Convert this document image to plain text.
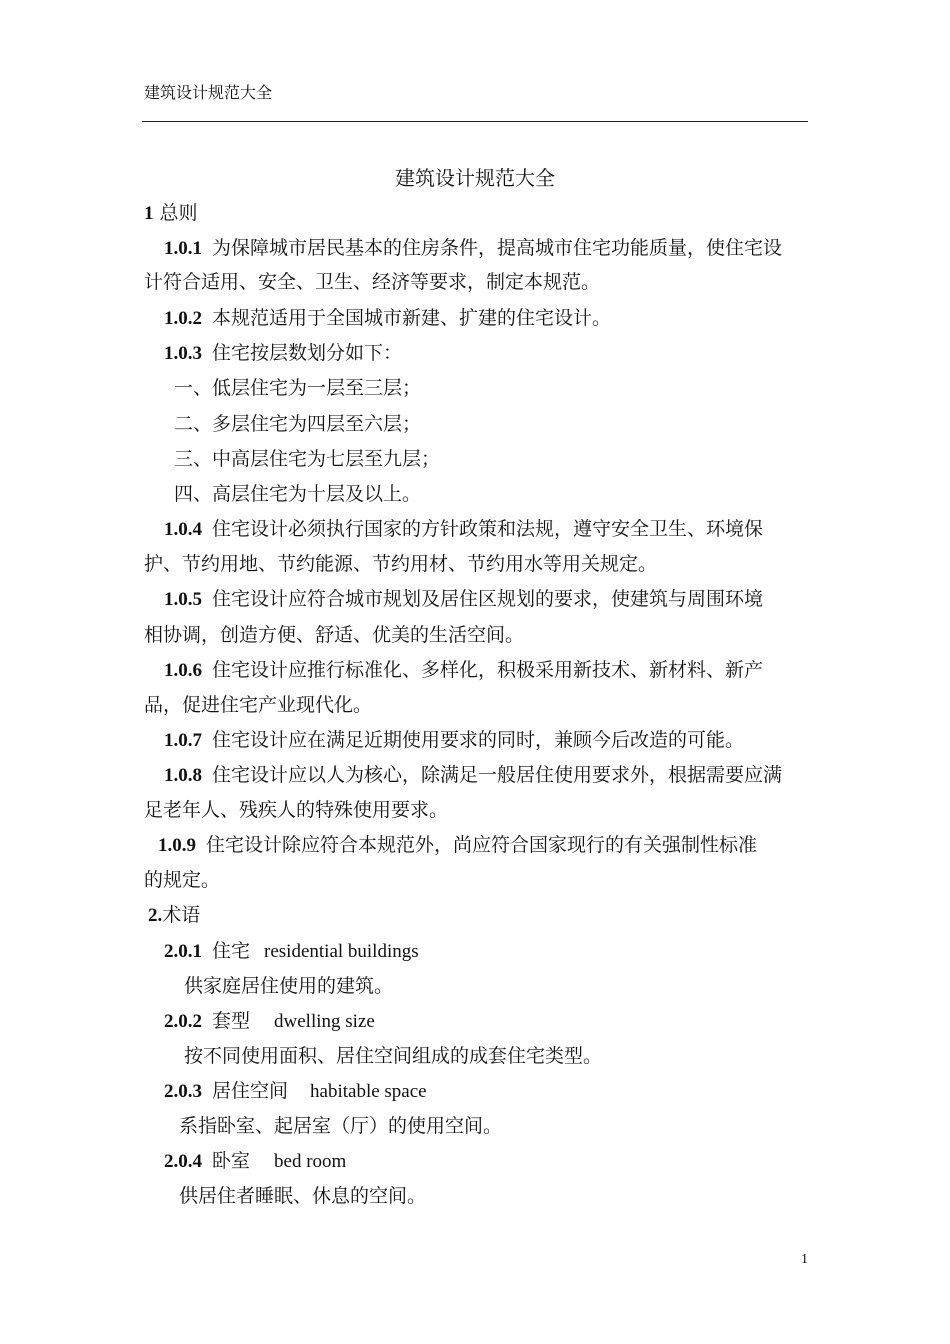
建筑设计规范大全
建筑设计规范大全
1 总则
1.0.1 为保障城市居民基本的住房条件，提高城市住宅功能质量，使住宅设
计符合适用、安全、卫生、经济等要求，制定本规范。
1.0.2 本规范适用于全国城市新建、扩建的住宅设计。
1.0.3 住宅按层数划分如下：
一、低层住宅为一层至三层；
二、多层住宅为四层至六层；
三、中高层住宅为七层至九层；
四、高层住宅为十层及以上。
1.0.4 住宅设计必须执行国家的方针政策和法规，遵守安全卫生、环境保
护、节约用地、节约能源、节约用材、节约用水等用关规定。
1.0.5 住宅设计应符合城市规划及居住区规划的要求，使建筑与周围环境
相协调，创造方便、舒适、优美的生活空间。
1.0.6 住宅设计应推行标准化、多样化，积极采用新技术、新材料、新产
品，促进住宅产业现代化。
1.0.7 住宅设计应在满足近期使用要求的同时，兼顾今后改造的可能。
1.0.8 住宅设计应以人为核心，除满足一般居住使用要求外，根据需要应满
足老年人、残疾人的特殊使用要求。
1.0.9 住宅设计除应符合本规范外，尚应符合国家现行的有关强制性标准
的规定。
2.术语
2.0.1 住宅 residential buildings
供家庭居住使用的建筑。
2.0.2 套型 dwelling size
按不同使用面积、居住空间组成的成套住宅类型。
2.0.3 居住空间 habitable space
系指卧室、起居室（厅）的使用空间。
2.0.4 卧室 bed room
供居住者睡眠、休息的空间。
1
